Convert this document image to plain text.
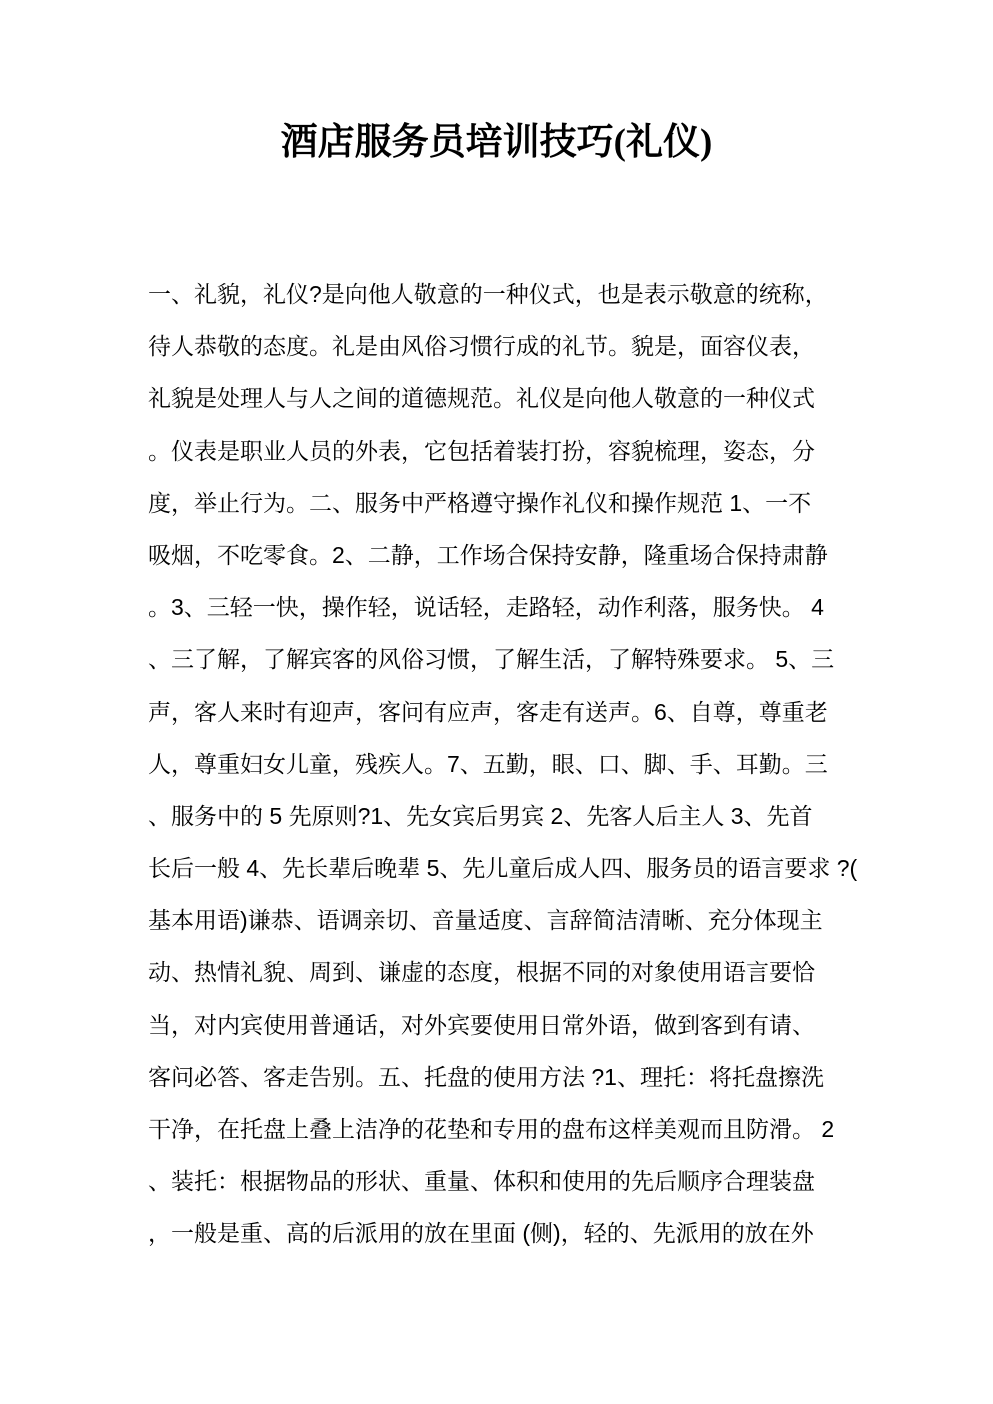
酒店服务员培训技巧(礼仪)
一、礼貌，礼仪?是向他人敬意的一种仪式，也是表示敬意的统称，
待人恭敬的态度。礼是由风俗习惯行成的礼节。貌是，面容仪表，
礼貌是处理人与人之间的道德规范。礼仪是向他人敬意的一种仪式
。仪表是职业人员的外表，它包括着装打扮，容貌梳理，姿态，分
度，举止行为。二、服务中严格遵守操作礼仪和操作规范 1、一不
吸烟，不吃零食。2、二静，工作场合保持安静，隆重场合保持肃静
。3、三轻一快，操作轻，说话轻，走路轻，动作利落，服务快。 4
、三了解，了解宾客的风俗习惯，了解生活，了解特殊要求。 5、三
声，客人来时有迎声，客问有应声，客走有送声。6、自尊，尊重老
人，尊重妇女儿童，残疾人。7、五勤，眼、口、脚、手、耳勤。三
、服务中的 5 先原则?1、先女宾后男宾 2、先客人后主人 3、先首
长后一般 4、先长辈后晚辈 5、先儿童后成人四、服务员的语言要求 ?(
基本用语)谦恭、语调亲切、音量适度、言辞简洁清晰、充分体现主
动、热情礼貌、周到、谦虚的态度，根据不同的对象使用语言要恰
当，对内宾使用普通话，对外宾要使用日常外语，做到客到有请、
客问必答、客走告别。五、托盘的使用方法 ?1、理托：将托盘擦洗
干净，在托盘上叠上洁净的花垫和专用的盘布这样美观而且防滑。 2
、装托：根据物品的形状、重量、体积和使用的先后顺序合理装盘
，一般是重、高的后派用的放在里面 (侧)，轻的、先派用的放在外
